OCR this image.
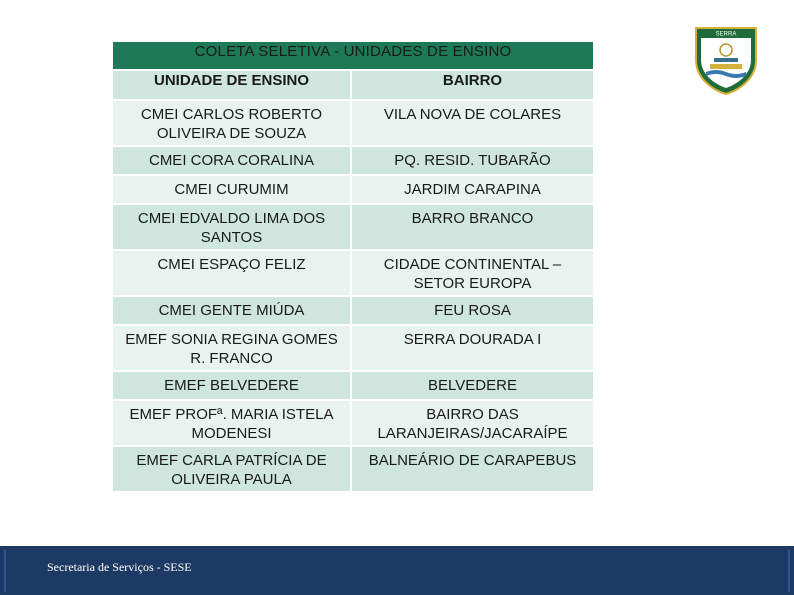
COLETA SELETIVA - UNIDADES DE ENSINO	
UNIDADE DE ENSINO	BAIRRO
CMEI CARLOS ROBERTO OLIVEIRA DE SOUZA	VILA NOVA DE COLARES
CMEI CORA CORALINA	PQ. RESID. TUBARÃO
CMEI CURUMIM	JARDIM CARAPINA
CMEI EDVALDO LIMA DOS SANTOS	BARRO BRANCO
CMEI ESPAÇO FELIZ	CIDADE CONTINENTAL – SETOR EUROPA
CMEI GENTE MIÚDA	FEU ROSA
EMEF SONIA REGINA GOMES R. FRANCO	SERRA DOURADA I
EMEF BELVEDERE	BELVEDERE
EMEF PROFª. MARIA ISTELA MODENESI	BAIRRO DAS LARANJEIRAS/JACARAÍPE
EMEF CARLA PATRÍCIA DE OLIVEIRA PAULA	BALNEÁRIO DE CARAPEBUS
SERRA
Secretaria de Serviços - SESE
